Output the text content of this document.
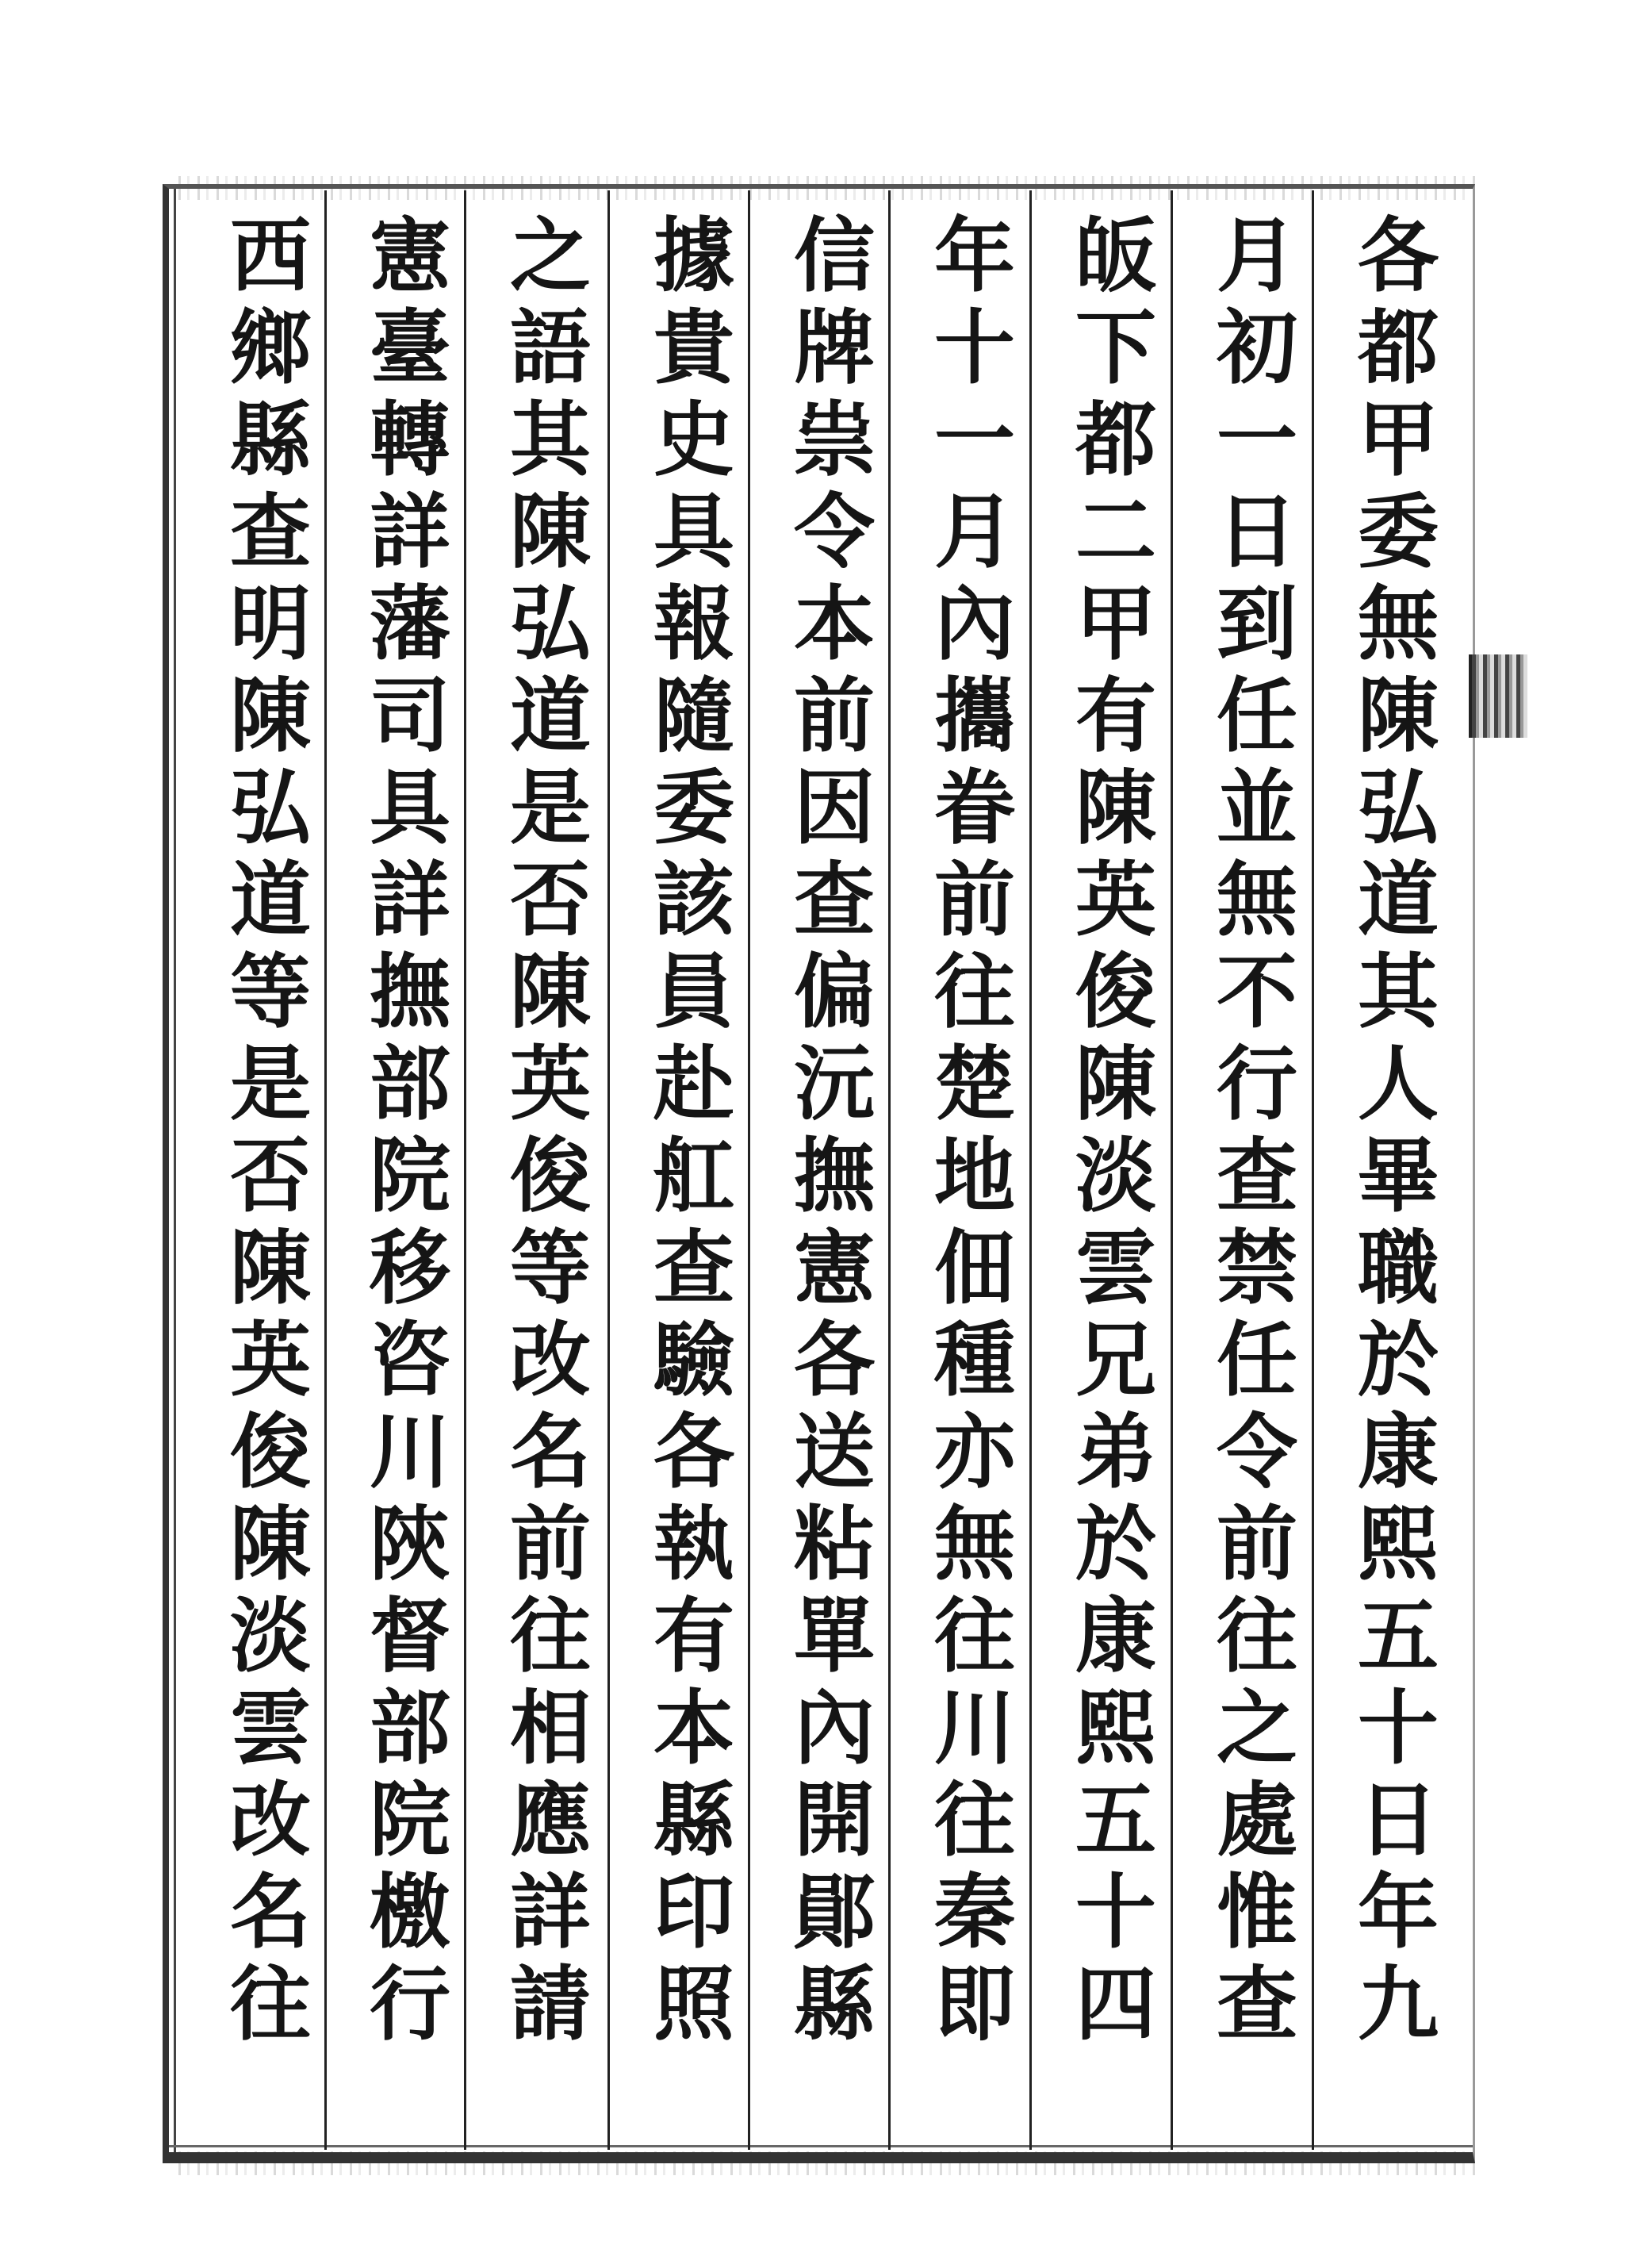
各都甲委無陳弘道其人畢職於康熙五十日年九
月初一日到任並無不行查禁任令前往之處惟查
皈下都二甲有陳英俊陳淡雲兄弟於康熙五十四
年十一月內攜眷前往楚地佃種亦無往川往秦即
信牌祟令本前因查偏沅撫憲各送粘單內開鄖縣
據貴史具報隨委該員赴舡查驗各執有本縣印照
之語其陳弘道是否陳英俊等改名前往相應詳請
憲臺轉詳藩司具詳撫部院移咨川陝督部院檄行
西鄉縣查明陳弘道等是否陳英俊陳淡雲改名往
